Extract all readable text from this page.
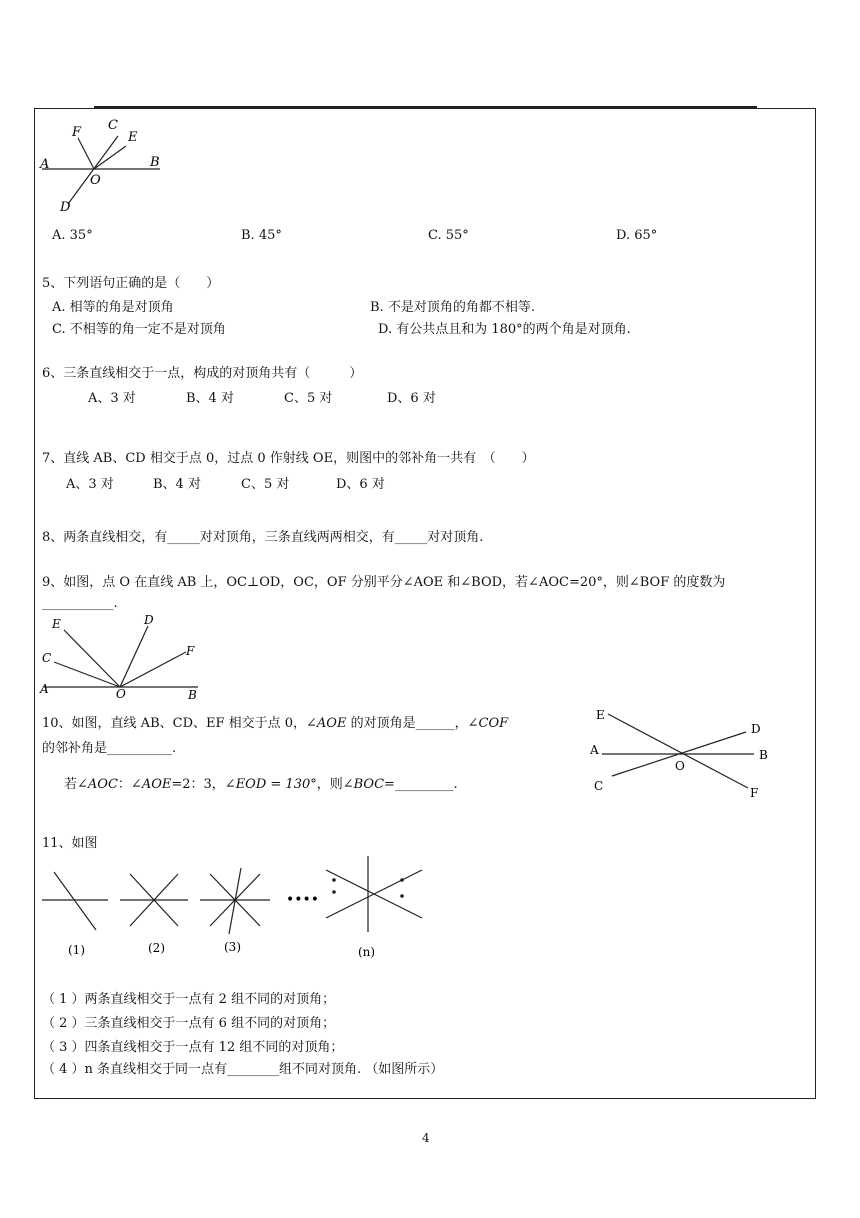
A	B
C
D
E
F
O
A. 35°	B. 45°	C. 55°	D. 65°
5、下列语句正确的是（　　）
A. 相等的角是对顶角	B. 不是对顶角的角都不相等.
C. 不相等的角一定不是对顶角	D. 有公共点且和为 180°的两个角是对顶角.
6、三条直线相交于一点，构成的对顶角共有（　　　）
A、3 对	B、4 对	C、5 对	D、6 对
7、直线 AB、CD 相交于点 0，过点 0 作射线 OE，则图中的邻补角一共有　（　　）
A、3 对	B、4 对	C、5 对	D、6 对
8、两条直线相交，有_____对对顶角，三条直线两两相交，有_____对对顶角.
9、如图，点 O 在直线 AB 上，OC⊥OD，OC，OF 分别平分∠AOE 和∠BOD，若∠AOC=20°，则∠BOF 的度数为
___________.
A	B
C
D
E
F
O
10、如图，直线 AB、CD、EF 相交于点 0，∠AOE 的对顶角是______，∠COF
的邻补角是__________.
若∠AOC：∠AOE=2：3，∠EOD = 130°，则∠BOC=_________.
A	B
C
D
E
F
O
11、如图
••••
(1)	(2)	(3)	(n)
（ 1 ）两条直线相交于一点有 2 组不同的对顶角；
（ 2 ）三条直线相交于一点有 6 组不同的对顶角；
（ 3 ）四条直线相交于一点有 12 组不同的对顶角；
（ 4 ）n 条直线相交于同一点有________组不同对顶角. （如图所示）
4
